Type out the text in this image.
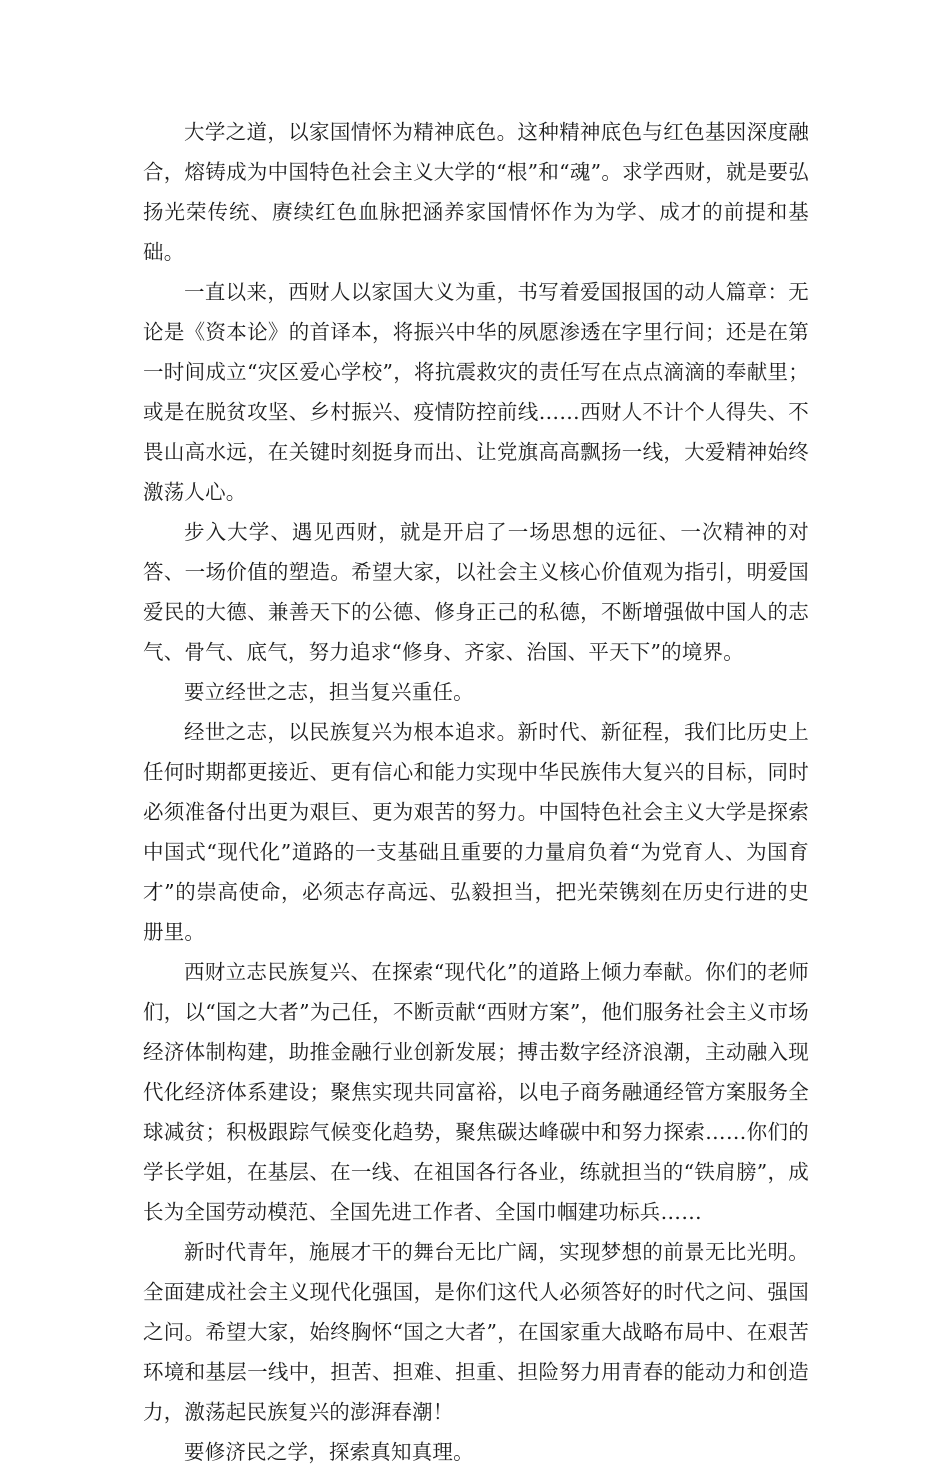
大学之道，以家国情怀为精神底色。这种精神底色与红色基因深度融合，熔铸成为中国特色社会主义大学的“根”和“魂”。求学西财，就是要弘扬光荣传统、赓续红色血脉把涵养家国情怀作为为学、成才的前提和基础。

一直以来，西财人以家国大义为重，书写着爱国报国的动人篇章：无论是《资本论》的首译本，将振兴中华的夙愿渗透在字里行间；还是在第一时间成立“灾区爱心学校”，将抗震救灾的责任写在点点滴滴的奉献里；或是在脱贫攻坚、乡村振兴、疫情防控前线……西财人不计个人得失、不畏山高水远，在关键时刻挺身而出、让党旗高高飘扬一线，大爱精神始终激荡人心。

步入大学、遇见西财，就是开启了一场思想的远征、一次精神的对答、一场价值的塑造。希望大家，以社会主义核心价值观为指引，明爱国爱民的大德、兼善天下的公德、修身正己的私德，不断增强做中国人的志气、骨气、底气，努力追求“修身、齐家、治国、平天下”的境界。

要立经世之志，担当复兴重任。

经世之志，以民族复兴为根本追求。新时代、新征程，我们比历史上任何时期都更接近、更有信心和能力实现中华民族伟大复兴的目标，同时必须准备付出更为艰巨、更为艰苦的努力。中国特色社会主义大学是探索中国式“现代化”道路的一支基础且重要的力量肩负着“为党育人、为国育才”的崇高使命，必须志存高远、弘毅担当，把光荣镌刻在历史行进的史册里。

西财立志民族复兴、在探索“现代化”的道路上倾力奉献。你们的老师们，以“国之大者”为己任，不断贡献“西财方案”，他们服务社会主义市场经济体制构建，助推金融行业创新发展；搏击数字经济浪潮，主动融入现代化经济体系建设；聚焦实现共同富裕，以电子商务融通经管方案服务全球减贫；积极跟踪气候变化趋势，聚焦碳达峰碳中和努力探索……你们的学长学姐，在基层、在一线、在祖国各行各业，练就担当的“铁肩膀”，成长为全国劳动模范、全国先进工作者、全国巾帼建功标兵……

新时代青年，施展才干的舞台无比广阔，实现梦想的前景无比光明。全面建成社会主义现代化强国，是你们这代人必须答好的时代之问、强国之问。希望大家，始终胸怀“国之大者”，在国家重大战略布局中、在艰苦环境和基层一线中，担苦、担难、担重、担险努力用青春的能动力和创造力，激荡起民族复兴的澎湃春潮！

要修济民之学，探索真知真理。
